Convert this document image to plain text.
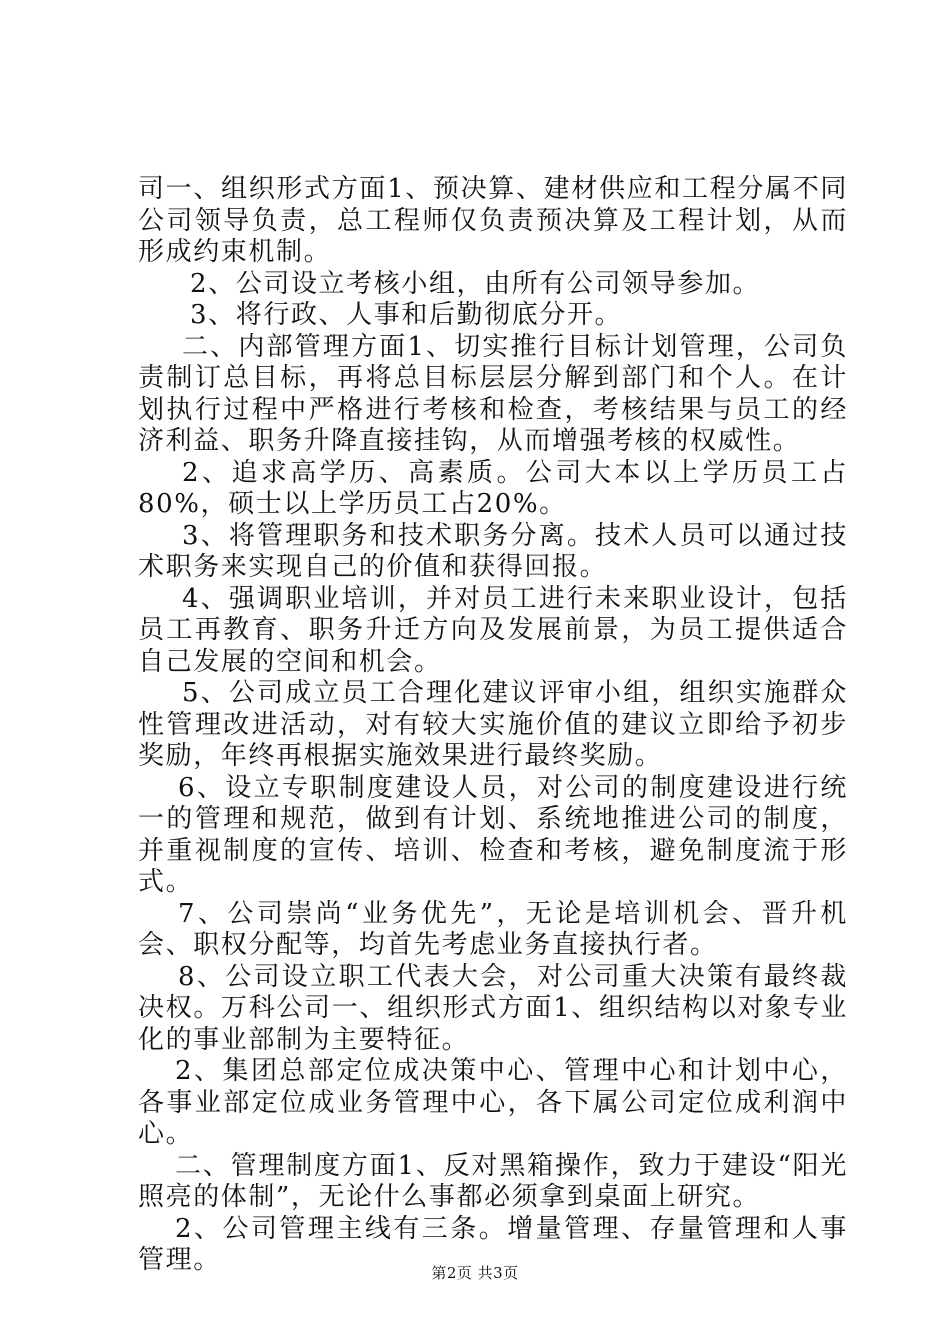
司一、组织形式方面1、预决算、建材供应和工程分属不同公司领导负责，总工程师仅负责预决算及工程计划，从而形成约束机制。

2、公司设立考核小组，由所有公司领导参加。

3、将行政、人事和后勤彻底分开。

二、内部管理方面1、切实推行目标计划管理，公司负责制订总目标，再将总目标层层分解到部门和个人。在计划执行过程中严格进行考核和检查，考核结果与员工的经济利益、职务升降直接挂钩，从而增强考核的权威性。

2、追求高学历、高素质。公司大本以上学历员工占80%，硕士以上学历员工占20%。

3、将管理职务和技术职务分离。技术人员可以通过技术职务来实现自己的价值和获得回报。

4、强调职业培训，并对员工进行未来职业设计，包括员工再教育、职务升迁方向及发展前景，为员工提供适合自己发展的空间和机会。

5、公司成立员工合理化建议评审小组，组织实施群众性管理改进活动，对有较大实施价值的建议立即给予初步奖励，年终再根据实施效果进行最终奖励。

6、设立专职制度建设人员，对公司的制度建设进行统一的管理和规范，做到有计划、系统地推进公司的制度，并重视制度的宣传、培训、检查和考核，避免制度流于形式。

7、公司崇尚“业务优先”，无论是培训机会、晋升机会、职权分配等，均首先考虑业务直接执行者。

8、公司设立职工代表大会，对公司重大决策有最终裁决权。万科公司一、组织形式方面1、组织结构以对象专业化的事业部制为主要特征。

2、集团总部定位成决策中心、管理中心和计划中心，各事业部定位成业务管理中心，各下属公司定位成利润中心。

二、管理制度方面1、反对黑箱操作，致力于建设“阳光照亮的体制”，无论什么事都必须拿到桌面上研究。

2、公司管理主线有三条。增量管理、存量管理和人事管理。	第2页 共3页
